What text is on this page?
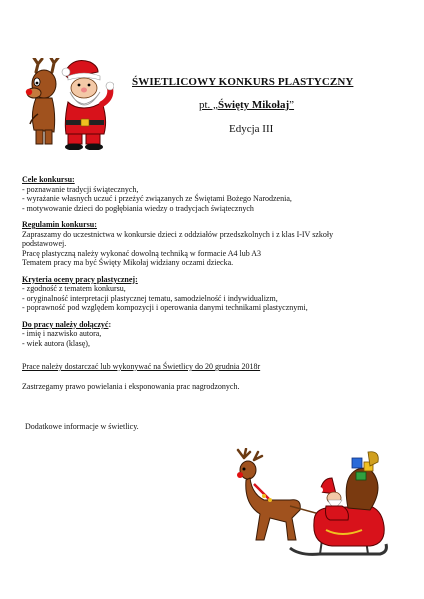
ŚWIETLICOWY KONKURS PLASTYCZNY
pt. „Święty Mikołaj”
Edycja III
Cele konkursu:
- poznawanie tradycji świątecznych,
- wyrażanie własnych uczuć i przeżyć związanych ze Świętami Bożego Narodzenia,
- motywowanie dzieci do pogłębiania wiedzy o tradycjach świątecznych
Regulamin konkursu:
Zapraszamy do uczestnictwa w konkursie dzieci z oddziałów przedszkolnych i z klas I-IV szkoły podstawowej.
Pracę plastyczną należy wykonać dowolną techniką w formacie A4 lub A3
Tematem pracy ma być Święty Mikołaj widziany oczami dziecka.
Kryteria oceny pracy plastycznej:
- zgodność z tematem konkursu,
- oryginalność interpretacji plastycznej tematu, samodzielność i indywidualizm,
- poprawność pod względem kompozycji i operowania danymi technikami plastycznymi,
Do pracy należy dołączyć:
- imię i nazwisko autora,
- wiek autora (klasę),
Prace należy dostarczać lub wykonywać na Świetlicy do 20 grudnia 2018r
Zastrzegamy prawo powielania i eksponowania prac nagrodzonych.
Dodatkowe informacje w świetlicy.
